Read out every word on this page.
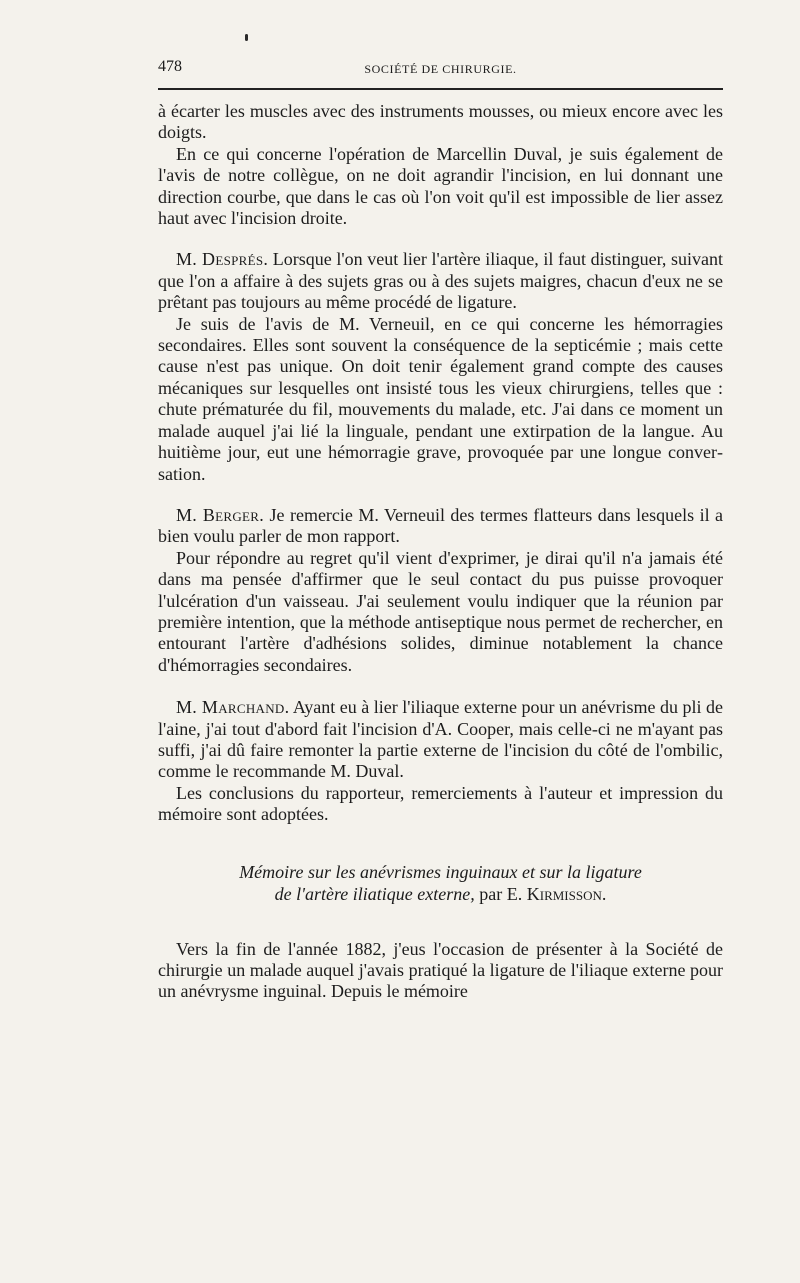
478	SOCIÉTÉ DE CHIRURGIE.

à écarter les muscles avec des instruments mousses, ou mieux encore avec les doigts.

En ce qui concerne l'opération de Marcellin Duval, je suis également de l'avis de notre collègue, on ne doit agrandir l'incision, en lui donnant une direction courbe, que dans le cas où l'on voit qu'il est impossible de lier assez haut avec l'incision droite.

M. Després. Lorsque l'on veut lier l'artère iliaque, il faut distinguer, suivant que l'on a affaire à des sujets gras ou à des sujets maigres, chacun d'eux ne se prêtant pas toujours au même procédé de ligature.

Je suis de l'avis de M. Verneuil, en ce qui concerne les hémorragies secondaires. Elles sont souvent la conséquence de la septicémie ; mais cette cause n'est pas unique. On doit tenir également grand compte des causes mécaniques sur lesquelles ont insisté tous les vieux chirurgiens, telles que : chute prématurée du fil, mouvements du malade, etc. J'ai dans ce moment un malade auquel j'ai lié la linguale, pendant une extirpation de la langue. Au huitième jour, eut une hémorragie grave, provoquée par une longue conversation.

M. Berger. Je remercie M. Verneuil des termes flatteurs dans lesquels il a bien voulu parler de mon rapport.

Pour répondre au regret qu'il vient d'exprimer, je dirai qu'il n'a jamais été dans ma pensée d'affirmer que le seul contact du pus puisse provoquer l'ulcération d'un vaisseau. J'ai seulement voulu indiquer que la réunion par première intention, que la méthode antiseptique nous permet de rechercher, en entourant l'artère d'adhésions solides, diminue notablement la chance d'hémorragies secondaires.

M. Marchand. Ayant eu à lier l'iliaque externe pour un anévrisme du pli de l'aine, j'ai tout d'abord fait l'incision d'A. Cooper, mais celle-ci ne m'ayant pas suffi, j'ai dû faire remonter la partie externe de l'incision du côté de l'ombilic, comme le recommande M. Duval.

Les conclusions du rapporteur, remerciements à l'auteur et impression du mémoire sont adoptées.

Mémoire sur les anévrismes inguinaux et sur la ligature
de l'artère iliatique externe, par E. Kirmisson.

Vers la fin de l'année 1882, j'eus l'occasion de présenter à la Société de chirurgie un malade auquel j'avais pratiqué la ligature de l'iliaque externe pour un anévrysme inguinal. Depuis le mémoire
